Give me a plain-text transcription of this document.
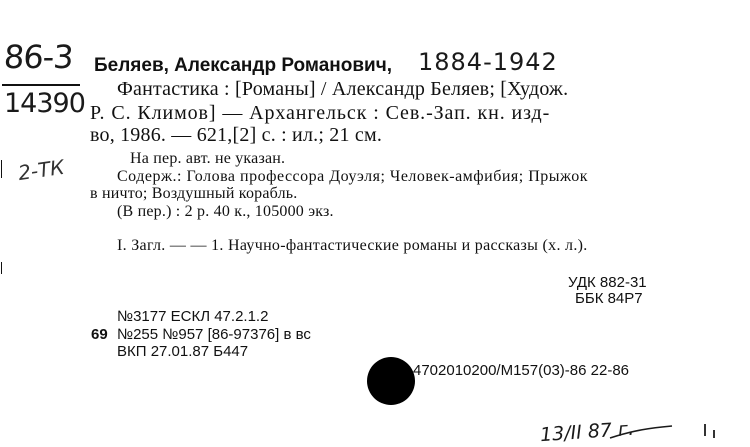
86-3
14390
2-ТК
Беляев, Александр Романович, 1884-1942
Фантастика : [Романы] / Александр Беляев; [Худож.
Р. С. Климов] — Архангельск : Сев.-Зап. кн. изд-
во, 1986. — 621,[2] с. : ил.; 21 см.
На пер. авт. не указан.
Содерж.: Голова профессора Доуэля; Человек-амфибия; Прыжок
в ничто; Воздушный корабль.
(В пер.) : 2 р. 40 к., 105000 экз.
I. Загл. — — 1. Научно-фантастические романы и рассказы (х. л.).
УДК 882-31
ББК 84Р7
№3177 ЕСКЛ 47.2.1.2
69 №255 №957 [86-97376] в вс
ВКП 27.01.87 Б447
4702010200/М157(03)-86 22-86
13/II 87 г.
